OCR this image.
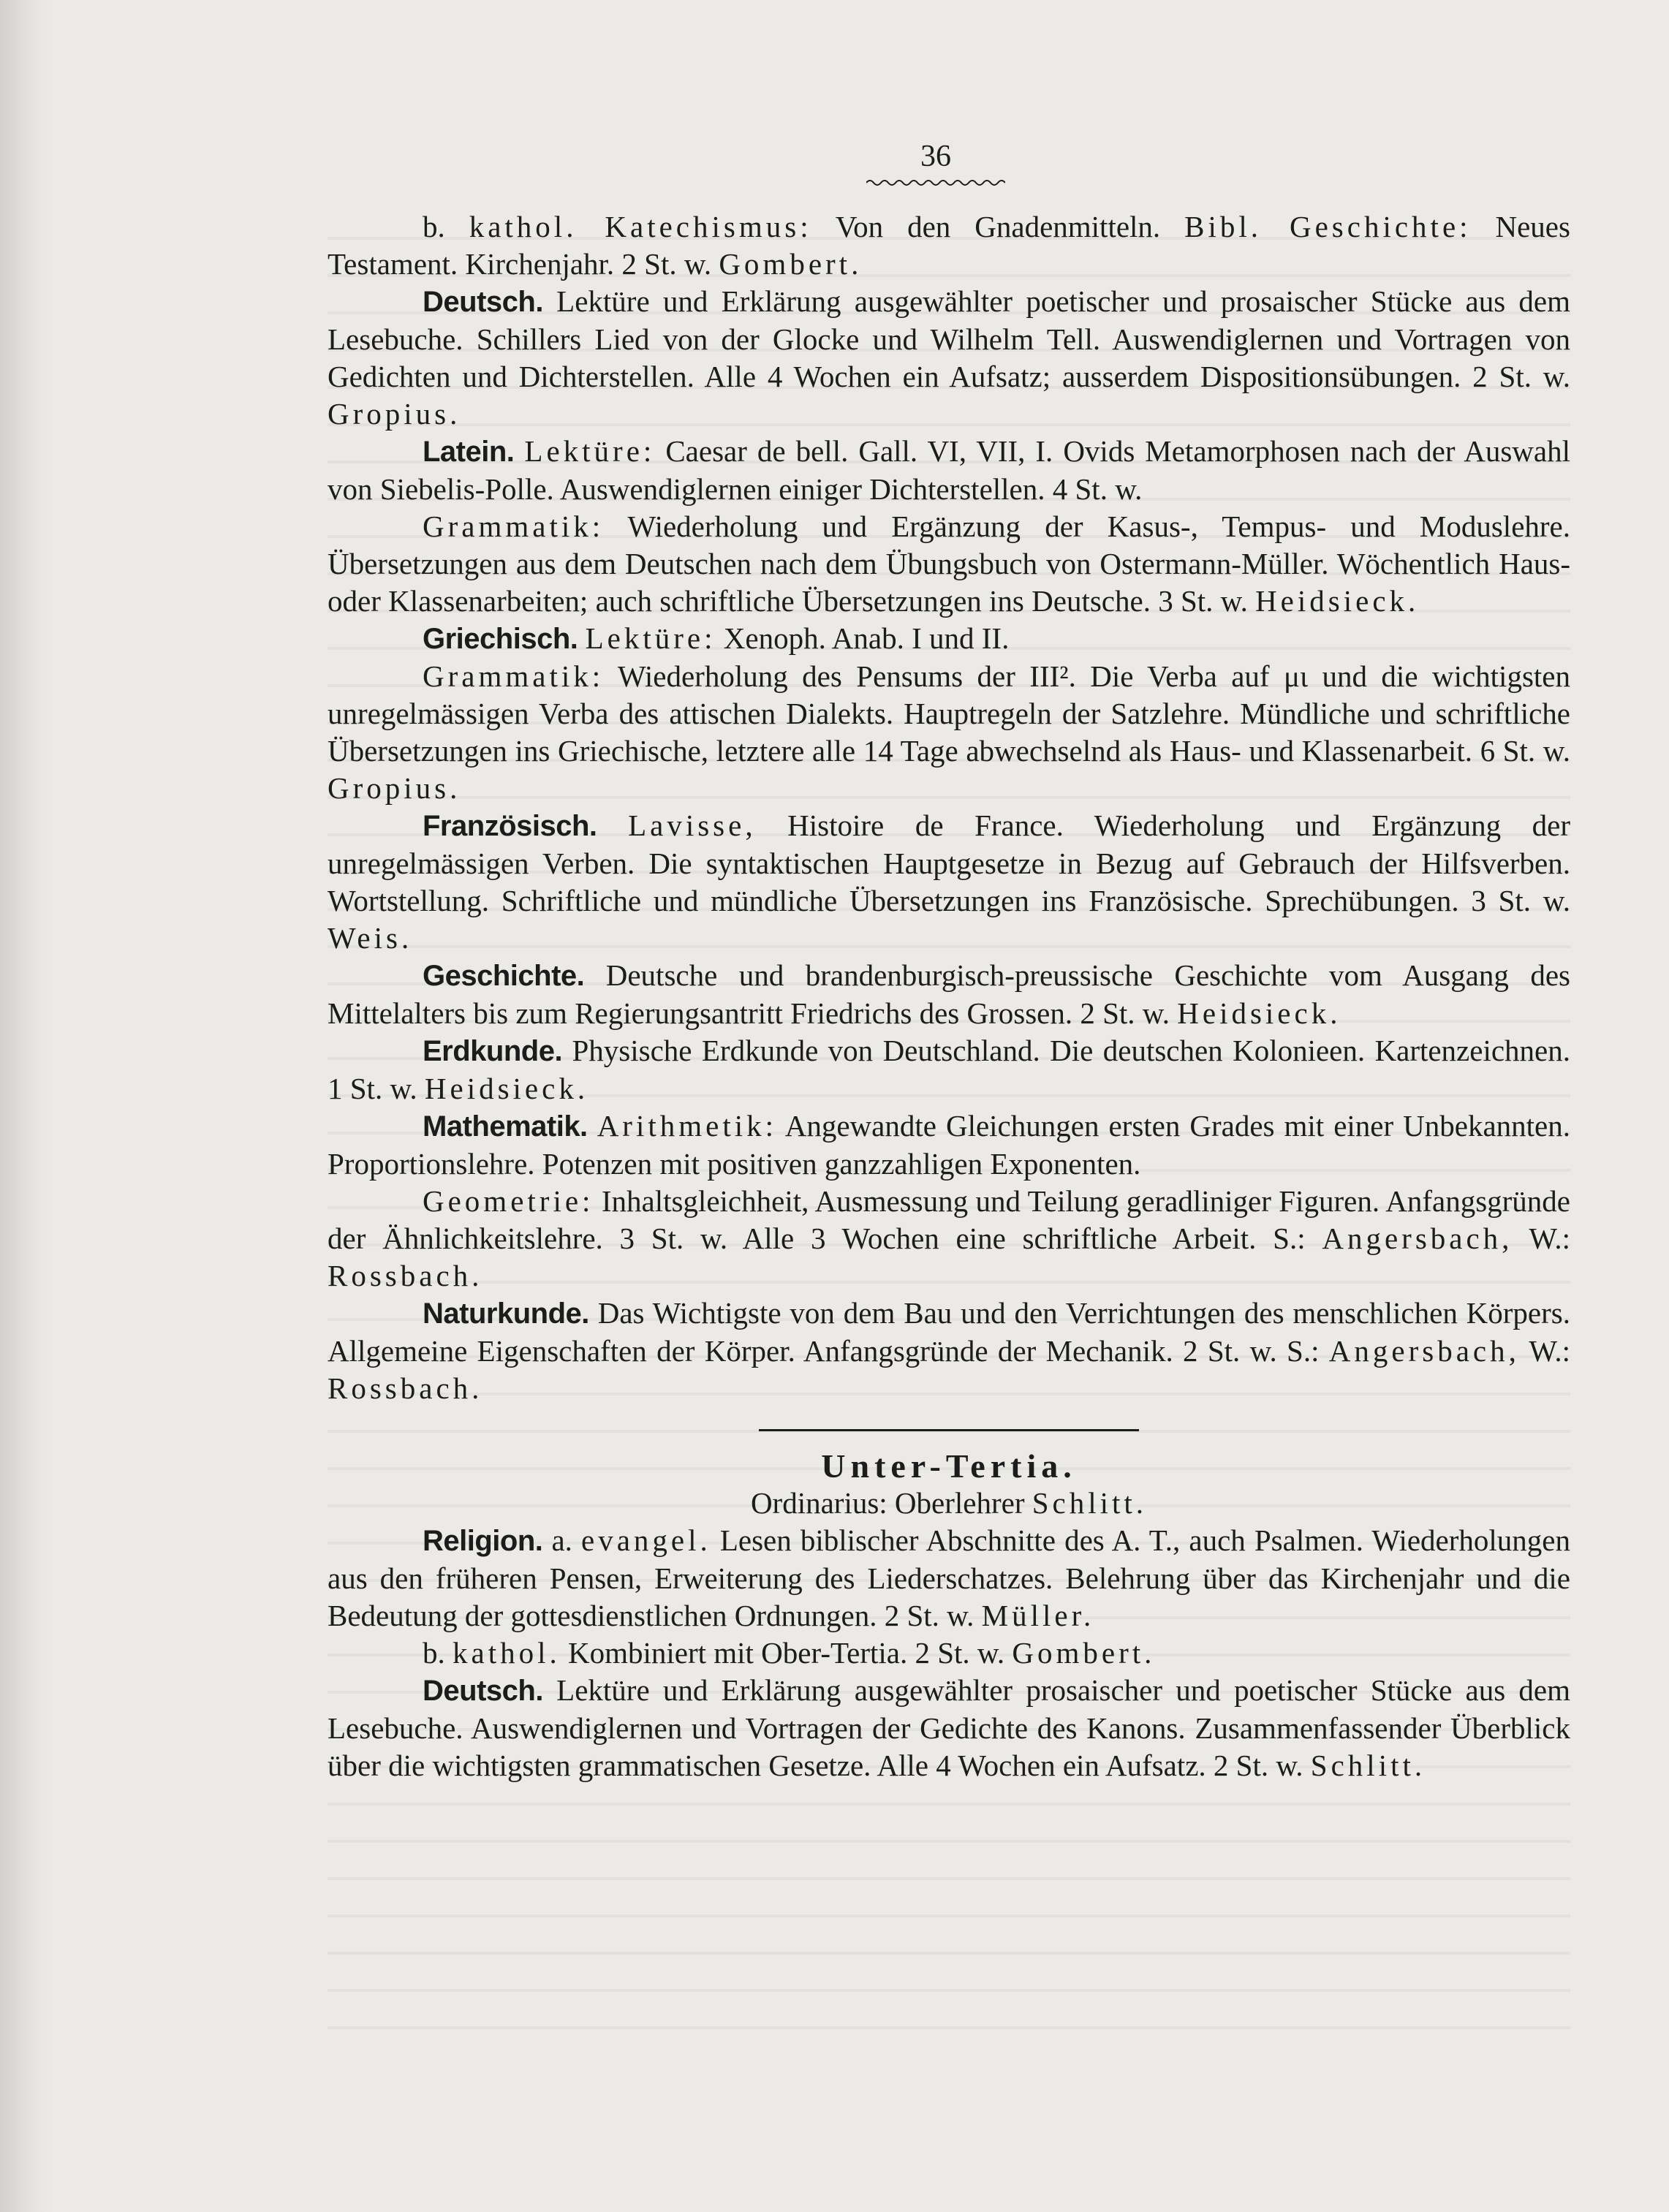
36

b. kathol. Katechismus: Von den Gnadenmitteln. Bibl. Geschichte: Neues Testament. Kirchenjahr. 2 St. w. Gombert.

Deutsch. Lektüre und Erklärung ausgewählter poetischer und prosaischer Stücke aus dem Lesebuche. Schillers Lied von der Glocke und Wilhelm Tell. Auswendiglernen und Vortragen von Gedichten und Dichterstellen. Alle 4 Wochen ein Aufsatz; ausserdem Dispositionsübungen. 2 St. w. Gropius.

Latein. Lektüre: Caesar de bell. Gall. VI, VII, I. Ovids Metamorphosen nach der Auswahl von Siebelis-Polle. Auswendiglernen einiger Dichterstellen. 4 St. w.

Grammatik: Wiederholung und Ergänzung der Kasus-, Tempus- und Moduslehre. Übersetzungen aus dem Deutschen nach dem Übungsbuch von Ostermann-Müller. Wöchentlich Haus- oder Klassenarbeiten; auch schriftliche Übersetzungen ins Deutsche. 3 St. w. Heidsieck.

Griechisch. Lektüre: Xenoph. Anab. I und II.

Grammatik: Wiederholung des Pensums der III². Die Verba auf μι und die wichtigsten unregelmässigen Verba des attischen Dialekts. Hauptregeln der Satzlehre. Mündliche und schriftliche Übersetzungen ins Griechische, letztere alle 14 Tage abwechselnd als Haus- und Klassenarbeit. 6 St. w. Gropius.

Französisch. Lavisse, Histoire de France. Wiederholung und Ergänzung der unregelmässigen Verben. Die syntaktischen Hauptgesetze in Bezug auf Gebrauch der Hilfsverben. Wortstellung. Schriftliche und mündliche Übersetzungen ins Französische. Sprechübungen. 3 St. w. Weis.

Geschichte. Deutsche und brandenburgisch-preussische Geschichte vom Ausgang des Mittelalters bis zum Regierungsantritt Friedrichs des Grossen. 2 St. w. Heidsieck.

Erdkunde. Physische Erdkunde von Deutschland. Die deutschen Kolonieen. Kartenzeichnen. 1 St. w. Heidsieck.

Mathematik. Arithmetik: Angewandte Gleichungen ersten Grades mit einer Unbekannten. Proportionslehre. Potenzen mit positiven ganzzahligen Exponenten.

Geometrie: Inhaltsgleichheit, Ausmessung und Teilung geradliniger Figuren. Anfangsgründe der Ähnlichkeitslehre. 3 St. w. Alle 3 Wochen eine schriftliche Arbeit. S.: Angersbach, W.: Rossbach.

Naturkunde. Das Wichtigste von dem Bau und den Verrichtungen des menschlichen Körpers. Allgemeine Eigenschaften der Körper. Anfangsgründe der Mechanik. 2 St. w. S.: Angersbach, W.: Rossbach.

Unter-Tertia.

Ordinarius: Oberlehrer Schlitt.

Religion. a. evangel. Lesen biblischer Abschnitte des A. T., auch Psalmen. Wiederholungen aus den früheren Pensen, Erweiterung des Liederschatzes. Belehrung über das Kirchenjahr und die Bedeutung der gottesdienstlichen Ordnungen. 2 St. w. Müller.

b. kathol. Kombiniert mit Ober-Tertia. 2 St. w. Gombert.

Deutsch. Lektüre und Erklärung ausgewählter prosaischer und poetischer Stücke aus dem Lesebuche. Auswendiglernen und Vortragen der Gedichte des Kanons. Zusammenfassender Überblick über die wichtigsten grammatischen Gesetze. Alle 4 Wochen ein Aufsatz. 2 St. w. Schlitt.
